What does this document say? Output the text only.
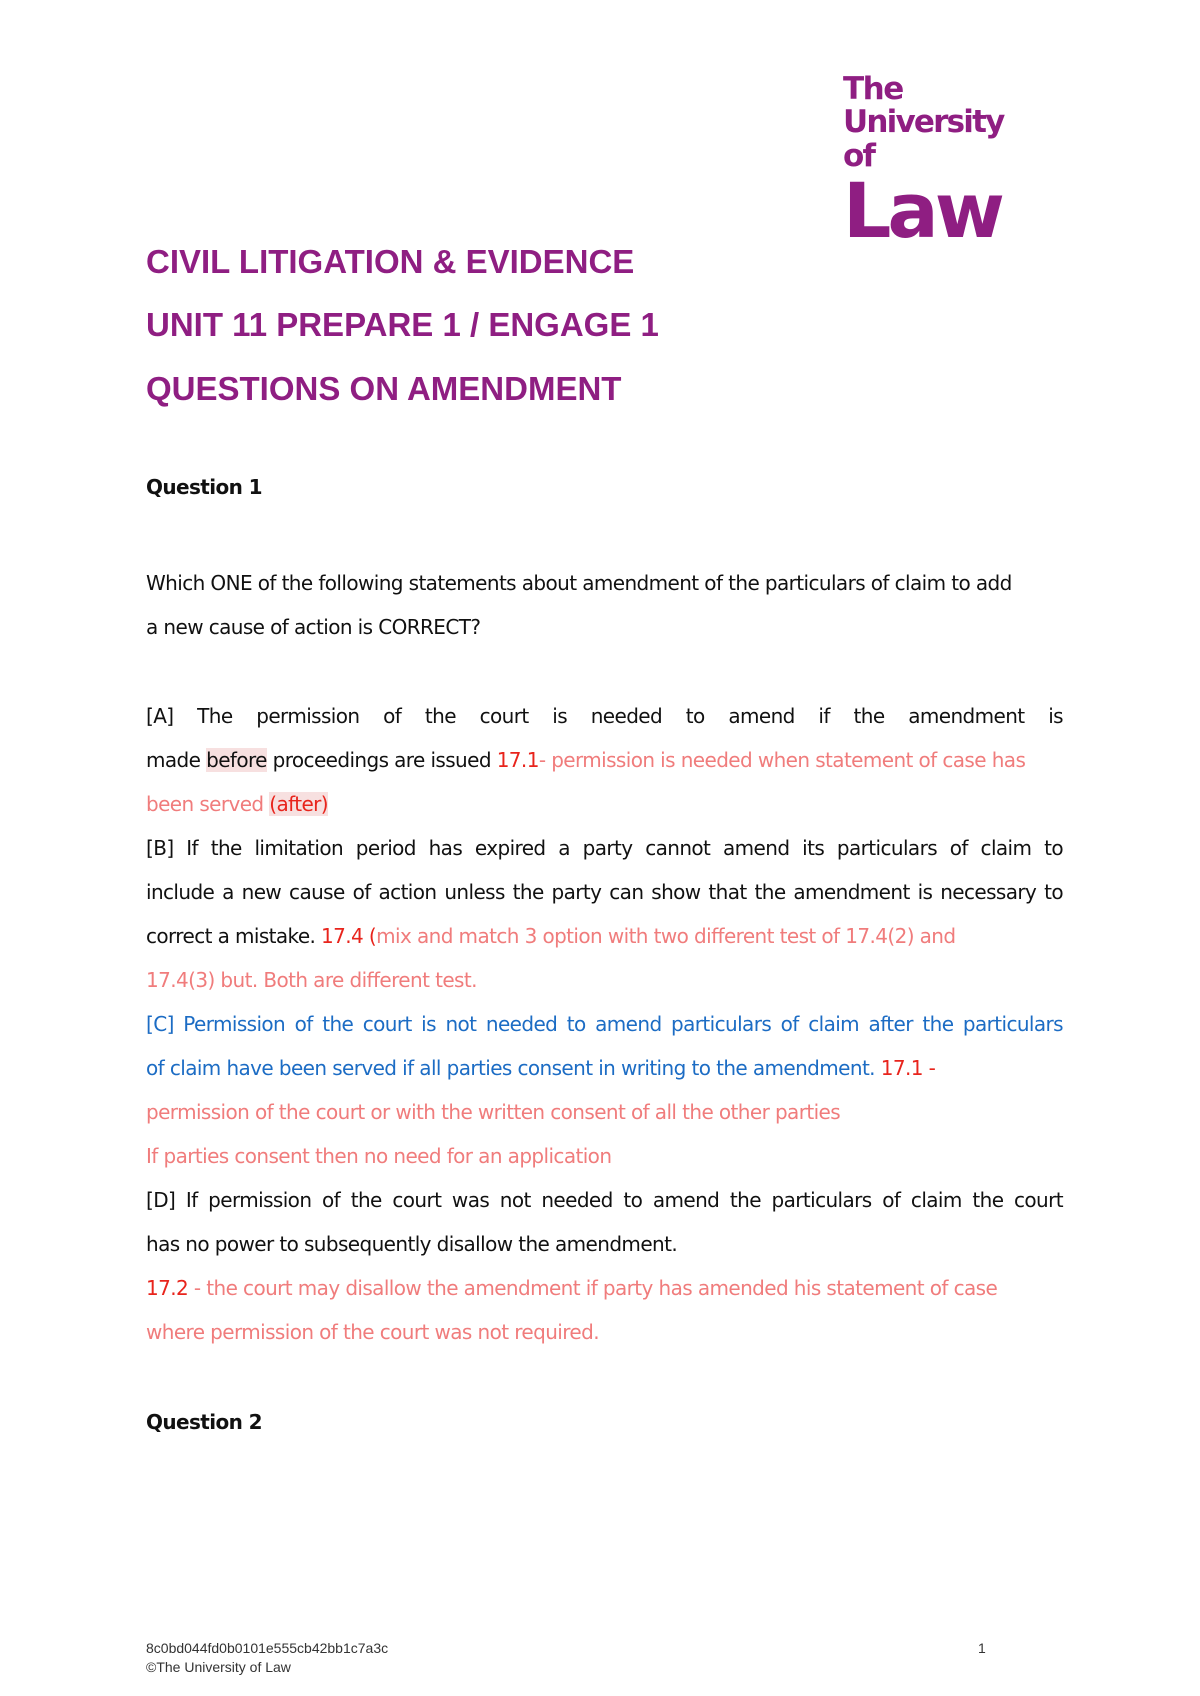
The
University of
Law
CIVIL LITIGATION & EVIDENCE
UNIT 11 PREPARE 1 / ENGAGE 1
QUESTIONS ON AMENDMENT
Question 1
Which ONE of the following statements about amendment of the particulars of claim to add
a new cause of action is CORRECT?
[A] The permission of the court is needed to amend if the amendment is
made before proceedings are issued 17.1- permission is needed when statement of case has
been served (after)
[B] If the limitation period has expired a party cannot amend its particulars of claim to
include a new cause of action unless the party can show that the amendment is necessary to
correct a mistake. 17.4 (mix and match 3 option with two different test of 17.4(2) and
17.4(3) but. Both are different test.
[C] Permission of the court is not needed to amend particulars of claim after the particulars
of claim have been served if all parties consent in writing to the amendment. 17.1 -
permission of the court or with the written consent of all the other parties
If parties consent then no need for an application
[D] If permission of the court was not needed to amend the particulars of claim the court
has no power to subsequently disallow the amendment.
17.2 - the court may disallow the amendment if party has amended his statement of case
where permission of the court was not required.
Question 2
8c0bd044fd0b0101e555cb42bb1c7a3c
©The University of Law
1
